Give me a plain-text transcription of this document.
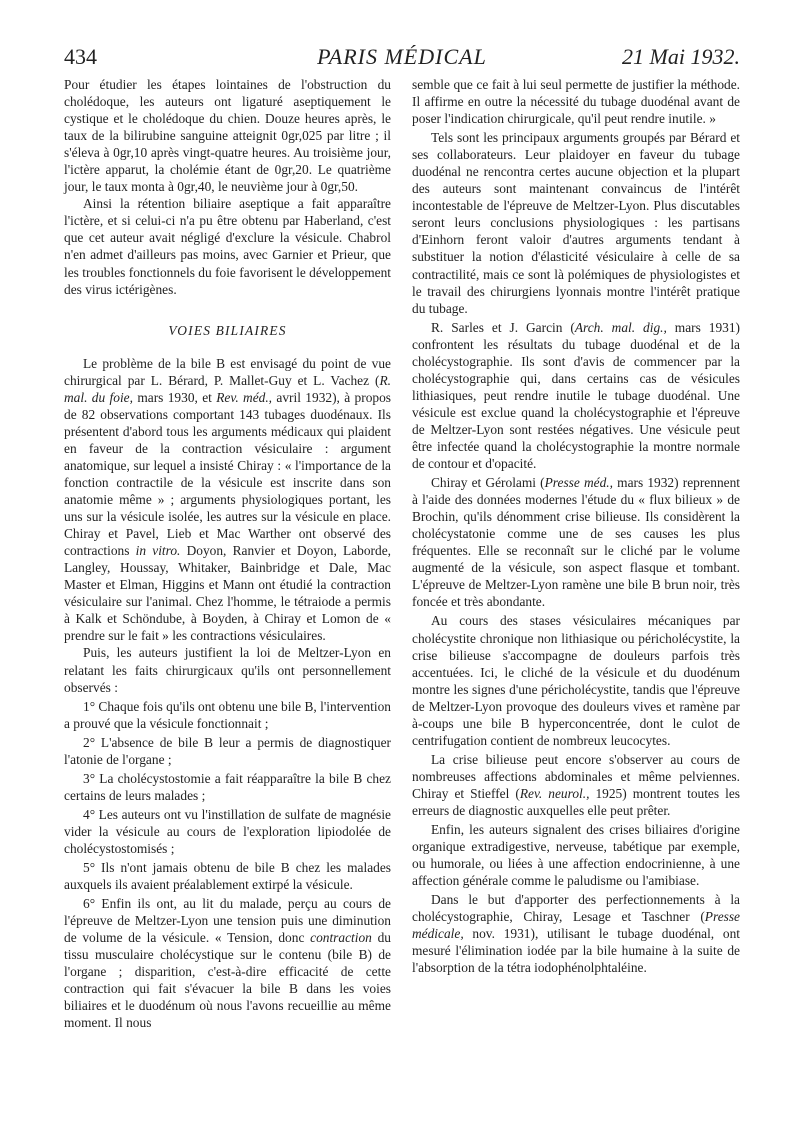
434	PARIS MÉDICAL	21 Mai 1932.

Pour étudier les étapes lointaines de l'obstruction du cholédoque, les auteurs ont ligaturé aseptiquement le cystique et le cholédoque du chien. Douze heures après, le taux de la bilirubine sanguine atteignit 0gr,025 par litre ; il s'éleva à 0gr,10 après vingt-quatre heures. Au troisième jour, l'ictère apparut, la cholémie étant de 0gr,20. Le quatrième jour, le taux monta à 0gr,40, le neuvième jour à 0gr,50.

Ainsi la rétention biliaire aseptique a fait apparaître l'ictère, et si celui-ci n'a pu être obtenu par Haberland, c'est que cet auteur avait négligé d'exclure la vésicule. Chabrol n'en admet d'ailleurs pas moins, avec Garnier et Prieur, que les troubles fonctionnels du foie favorisent le développement des virus ictérigènes.

VOIES BILIAIRES

Le problème de la bile B est envisagé du point de vue chirurgical par L. Bérard, P. Mallet-Guy et L. Vachez (R. mal. du foie, mars 1930, et Rev. méd., avril 1932), à propos de 82 observations comportant 143 tubages duodénaux. Ils présentent d'abord tous les arguments médicaux qui plaident en faveur de la contraction vésiculaire : argument anatomique, sur lequel a insisté Chiray : « l'importance de la fonction contractile de la vésicule est inscrite dans son anatomie même » ; arguments physiologiques portant, les uns sur la vésicule isolée, les autres sur la vésicule en place. Chiray et Pavel, Lieb et Mac Warther ont observé des contractions in vitro. Doyon, Ranvier et Doyon, Laborde, Langley, Houssay, Whitaker, Bainbridge et Dale, Mac Master et Elman, Higgins et Mann ont étudié la contraction vésiculaire sur l'animal. Chez l'homme, le tétraiode a permis à Kalk et Schöndube, à Boyden, à Chiray et Lomon de « prendre sur le fait » les contractions vésiculaires.

Puis, les auteurs justifient la loi de Meltzer-Lyon en relatant les faits chirurgicaux qu'ils ont personnellement observés :

1° Chaque fois qu'ils ont obtenu une bile B, l'intervention a prouvé que la vésicule fonctionnait ;

2° L'absence de bile B leur a permis de diagnostiquer l'atonie de l'organe ;

3° La cholécystostomie a fait réapparaître la bile B chez certains de leurs malades ;

4° Les auteurs ont vu l'instillation de sulfate de magnésie vider la vésicule au cours de l'exploration lipiodolée de cholécystostomisés ;

5° Ils n'ont jamais obtenu de bile B chez les malades auxquels ils avaient préalablement extirpé la vésicule.

6° Enfin ils ont, au lit du malade, perçu au cours de l'épreuve de Meltzer-Lyon une tension puis une diminution de volume de la vésicule. « Tension, donc contraction du tissu musculaire cholécystique sur le contenu (bile B) de l'organe ; disparition, c'est-à-dire efficacité de cette contraction qui fait s'évacuer la bile B dans les voies biliaires et le duodénum où nous l'avons recueillie au même moment. Il nous

semble que ce fait à lui seul permette de justifier la méthode. Il affirme en outre la nécessité du tubage duodénal avant de poser l'indication chirurgicale, qu'il peut rendre inutile. »

Tels sont les principaux arguments groupés par Bérard et ses collaborateurs. Leur plaidoyer en faveur du tubage duodénal ne rencontra certes aucune objection et la plupart des auteurs sont maintenant convaincus de l'intérêt incontestable de l'épreuve de Meltzer-Lyon. Plus discutables seront leurs conclusions physiologiques : les partisans d'Einhorn feront valoir d'autres arguments tendant à substituer la notion d'élasticité vésiculaire à celle de sa contractilité, mais ce sont là polémiques de physiologistes et le travail des chirurgiens lyonnais montre l'intérêt pratique du tubage.

R. Sarles et J. Garcin (Arch. mal. dig., mars 1931) confrontent les résultats du tubage duodénal et de la cholécystographie. Ils sont d'avis de commencer par la cholécystographie qui, dans certains cas de vésicules lithiasiques, peut rendre inutile le tubage duodénal. Une vésicule est exclue quand la cholécystographie et l'épreuve de Meltzer-Lyon sont restées négatives. Une vésicule peut être infectée quand la cholécystographie la montre normale de contour et d'opacité.

Chiray et Gérolami (Presse méd., mars 1932) reprennent à l'aide des données modernes l'étude du « flux bilieux » de Brochin, qu'ils dénomment crise bilieuse. Ils considèrent la cholécystatonie comme une de ses causes les plus fréquentes. Elle se reconnaît sur le cliché par le volume augmenté de la vésicule, son aspect flasque et tombant. L'épreuve de Meltzer-Lyon ramène une bile B brun noir, très foncée et très abondante.

Au cours des stases vésiculaires mécaniques par cholécystite chronique non lithiasique ou péricholécystite, la crise bilieuse s'accompagne de douleurs parfois très accentuées. Ici, le cliché de la vésicule et du duodénum montre les signes d'une péricholécystite, tandis que l'épreuve de Meltzer-Lyon provoque des douleurs vives et ramène par à-coups une bile B hyperconcentrée, dont le culot de centrifugation contient de nombreux leucocytes.

La crise bilieuse peut encore s'observer au cours de nombreuses affections abdominales et même pelviennes. Chiray et Stieffel (Rev. neurol., 1925) montrent toutes les erreurs de diagnostic auxquelles elle peut prêter.

Enfin, les auteurs signalent des crises biliaires d'origine organique extradigestive, nerveuse, tabétique par exemple, ou humorale, ou liées à une affection endocrinienne, à une affection générale comme le paludisme ou l'amibiase.

Dans le but d'apporter des perfectionnements à la cholécystographie, Chiray, Lesage et Taschner (Presse médicale, nov. 1931), utilisant le tubage duodénal, ont mesuré l'élimination iodée par la bile humaine à la suite de l'absorption de la tétra iodophénolphtaléine.
